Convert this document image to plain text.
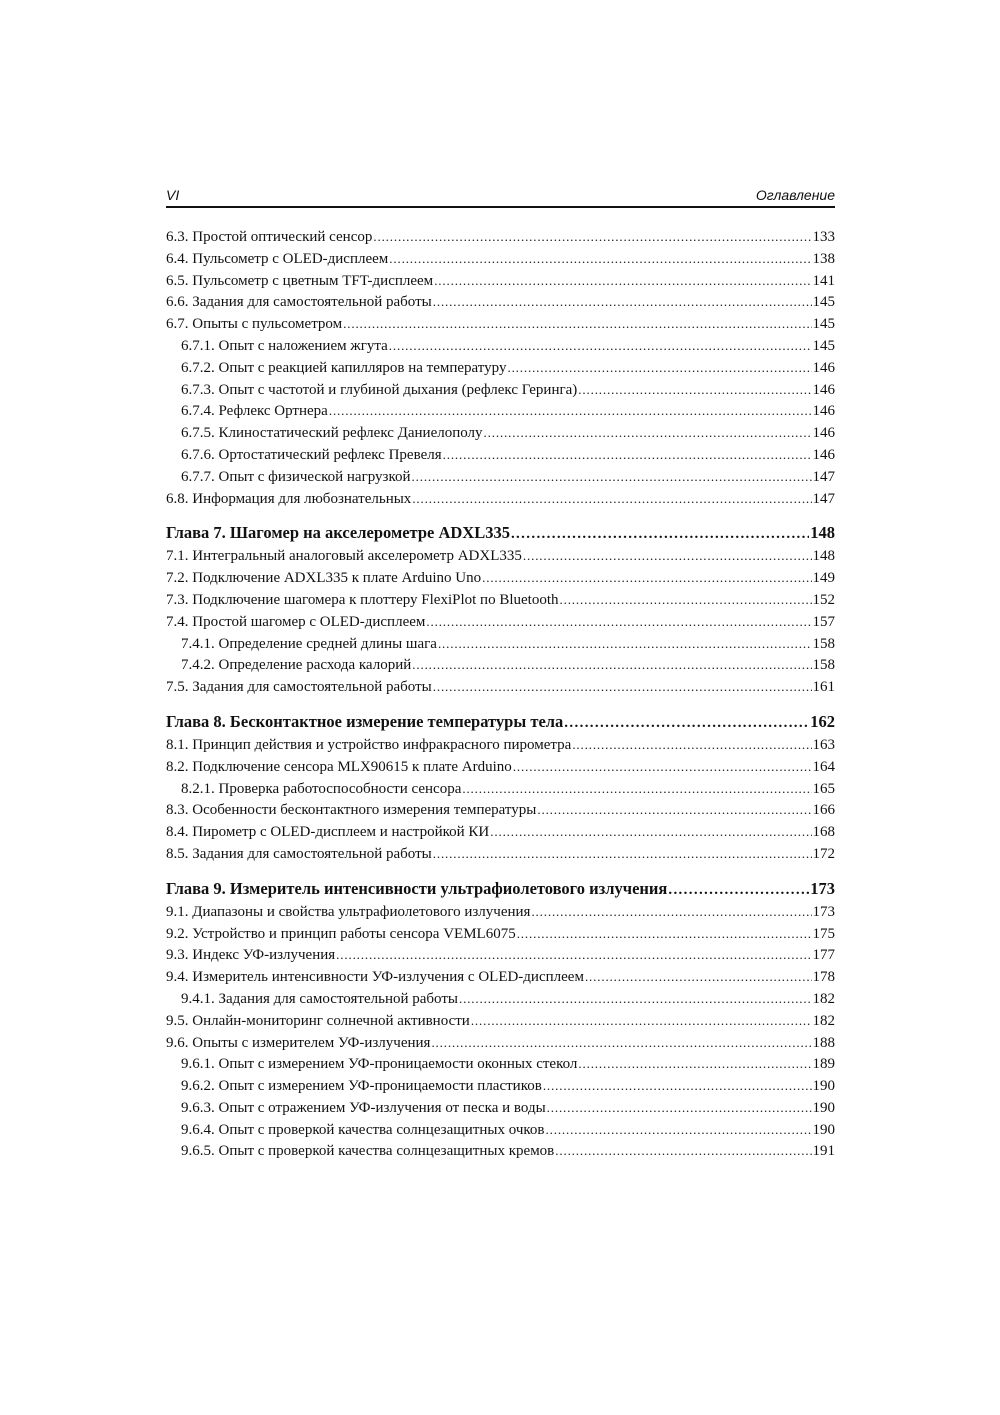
VI	Оглавление
6.3. Простой оптический сенсор . . .	133
6.4. Пульсометр с OLED-дисплеем . . .	138
6.5. Пульсометр с цветным TFT-дисплеем . . .	141
6.6. Задания для самостоятельной работы . . .	145
6.7. Опыты с пульсометром . . .	145
6.7.1. Опыт с наложением жгута . . .	145
6.7.2. Опыт с реакцией капилляров на температуру . . .	146
6.7.3. Опыт с частотой и глубиной дыхания (рефлекс Геринга) . . .	146
6.7.4. Рефлекс Ортнера . . .	146
6.7.5. Клиностатический рефлекс Даниелополу . . .	146
6.7.6. Ортостатический рефлекс Превеля . . .	146
6.7.7. Опыт с физической нагрузкой . . .	147
6.8. Информация для любознательных . . .	147
Глава 7. Шагомер на акселерометре ADXL335 . . .	148
7.1. Интегральный аналоговый акселерометр ADXL335 . . .	148
7.2. Подключение ADXL335 к плате Arduino Uno . . .	149
7.3. Подключение шагомера к плоттеру FlexiPlot по Bluetooth . . .	152
7.4. Простой шагомер с OLED-дисплеем . . .	157
7.4.1. Определение средней длины шага . . .	158
7.4.2. Определение расхода калорий . . .	158
7.5. Задания для самостоятельной работы . . .	161
Глава 8. Бесконтактное измерение температуры тела . . .	162
8.1. Принцип действия и устройство инфракрасного пирометра . . .	163
8.2. Подключение сенсора MLX90615 к плате Arduino . . .	164
8.2.1. Проверка работоспособности сенсора . . .	165
8.3. Особенности бесконтактного измерения температуры . . .	166
8.4. Пирометр с OLED-дисплеем и настройкой КИ . . .	168
8.5. Задания для самостоятельной работы . . .	172
Глава 9. Измеритель интенсивности ультрафиолетового излучения . . .	173
9.1. Диапазоны и свойства ультрафиолетового излучения . . .	173
9.2. Устройство и принцип работы сенсора VEML6075 . . .	175
9.3. Индекс УФ-излучения . . .	177
9.4. Измеритель интенсивности УФ-излучения с OLED-дисплеем . . .	178
9.4.1. Задания для самостоятельной работы . . .	182
9.5. Онлайн-мониторинг солнечной активности . . .	182
9.6. Опыты с измерителем УФ-излучения . . .	188
9.6.1. Опыт с измерением УФ-проницаемости оконных стекол . . .	189
9.6.2. Опыт с измерением УФ-проницаемости пластиков . . .	190
9.6.3. Опыт с отражением УФ-излучения от песка и воды . . .	190
9.6.4. Опыт с проверкой качества солнцезащитных очков . . .	190
9.6.5. Опыт с проверкой качества солнцезащитных кремов . . .	191
